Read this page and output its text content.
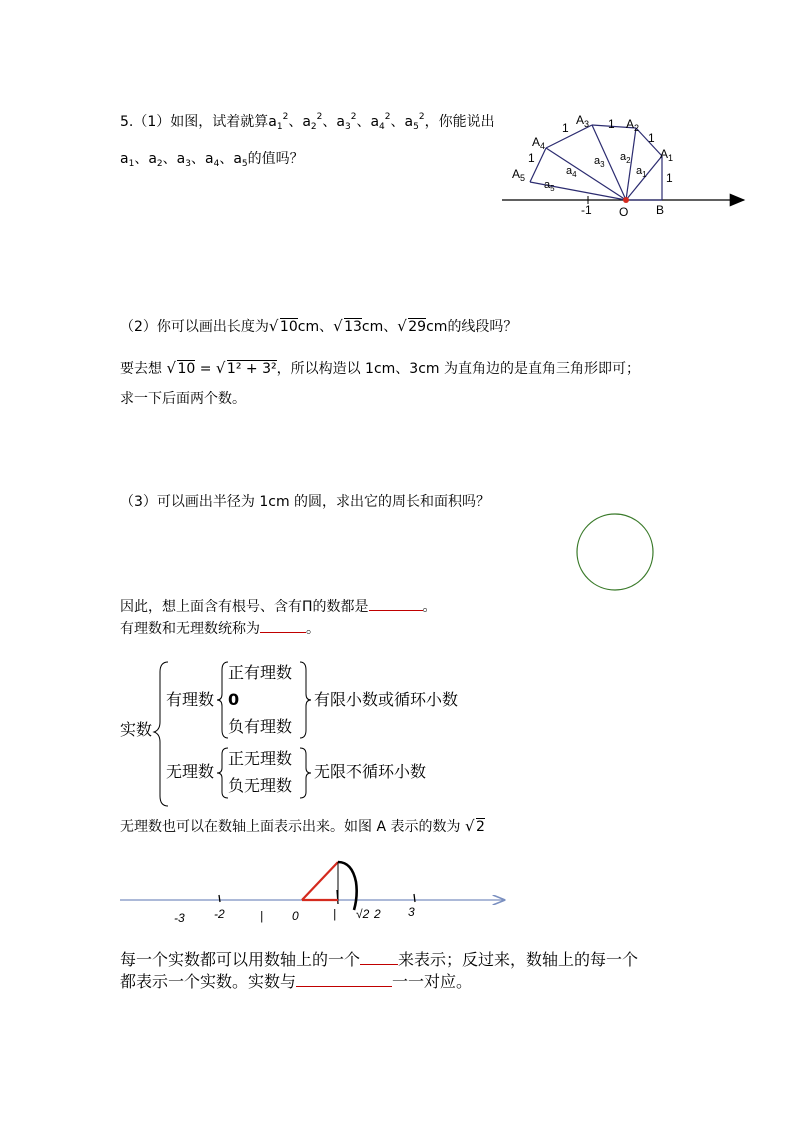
5.（1）如图，试着就算$a_1^2$、$a_2^2$、$a_3^2$、$a_4^2$、$a_5^2$，你能说出
$a_1$、$a_2$、$a_3$、$a_4$、$a_5$的值吗？
-1 O B
1
1
1
1
1	$A_1$
$A_2$
$A_3$
$A_4$
$A_5$
$a_1$
$a_2$
$a_3$
$a_4$
$a_5$
（2）你可以画出长度为 √ 10cm、 √ 13cm、 √ 29cm的线段吗？
要去想 √ 10 = √ 1² + 3²，所以构造以 1cm、3cm 为直角边的是直角三角形即可；
求一下后面两个数。
（3）可以画出半径为 1cm 的圆，求出它的周长和面积吗？
因此，想上面含有根号、含有Π的数都是	。
有理数和无理数统称为	。
实数
有理数
正有理数
0
负有理数
有限小数或循环小数
无理数
正无理数
负无理数
无限不循环小数
无理数也可以在数轴上面表示出来。如图 A 表示的数为 √ 2
-3 -2	| 0	| √2 2 3
每一个实数都可以用数轴上的一个 来表示；反过来，数轴上的每一个
都表示一个实数。实数与	一一对应。
